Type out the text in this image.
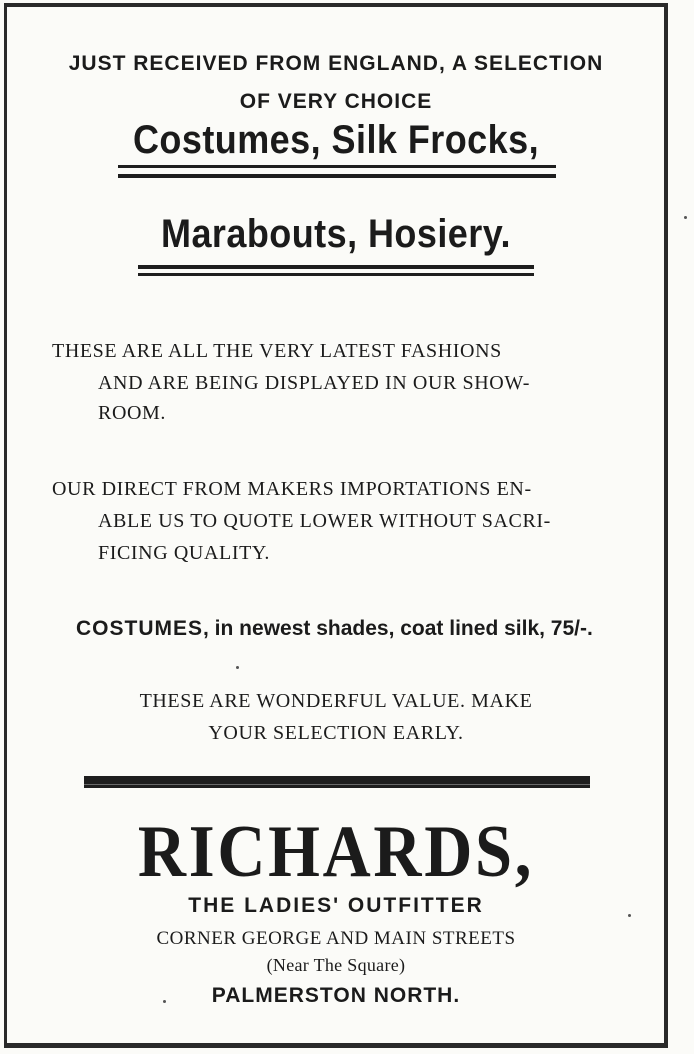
JUST RECEIVED FROM ENGLAND, A SELECTION
OF VERY CHOICE
Costumes, Silk Frocks,
Marabouts, Hosiery.
THESE ARE ALL THE VERY LATEST FASHIONS
AND ARE BEING DISPLAYED IN OUR SHOW-
ROOM.
OUR DIRECT FROM MAKERS IMPORTATIONS EN-
ABLE US TO QUOTE LOWER WITHOUT SACRI-
FICING QUALITY.
COSTUMES, in newest shades, coat lined silk, 75/-.
THESE ARE WONDERFUL VALUE. MAKE
YOUR SELECTION EARLY.
RICHARDS,
THE LADIES' OUTFITTER
CORNER GEORGE AND MAIN STREETS
(Near The Square)
PALMERSTON NORTH.
